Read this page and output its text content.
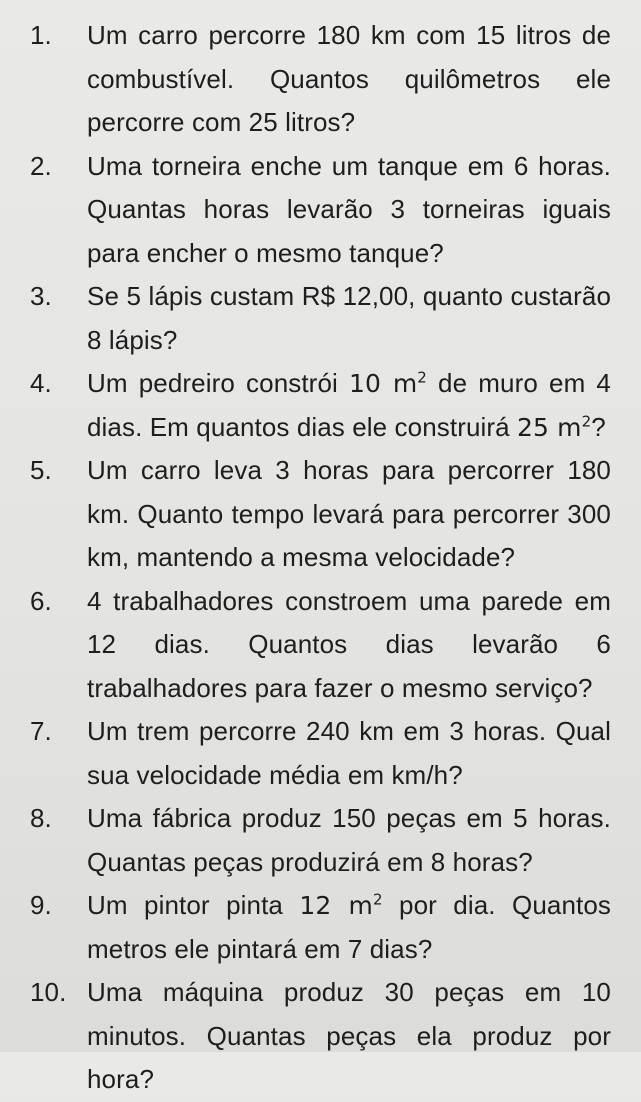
1.	Um carro percorre 180 km com 15 litros de combustível. Quantos quilômetros ele percorre com 25 litros?

2.	Uma torneira enche um tanque em 6 horas. Quantas horas levarão 3 torneiras iguais para encher o mesmo tanque?

3.	Se 5 lápis custam R$ 12,00, quanto custarão 8 lápis?

4.	Um pedreiro constrói 10 $m^2$ de muro em 4 dias. Em quantos dias ele construirá 25 $m^2$?

5.	Um carro leva 3 horas para percorrer 180 km. Quanto tempo levará para percorrer 300 km, mantendo a mesma velocidade?

6.	4 trabalhadores constroem uma parede em 12 dias. Quantos dias levarão 6 trabalhadores para fazer o mesmo serviço?

7.	Um trem percorre 240 km em 3 horas. Qual sua velocidade média em km/h?

8.	Uma fábrica produz 150 peças em 5 horas. Quantas peças produzirá em 8 horas?

9.	Um pintor pinta 12 $m^2$ por dia. Quantos metros ele pintará em 7 dias?

10. Uma máquina produz 30 peças em 10 minutos. Quantas peças ela produz por hora?
